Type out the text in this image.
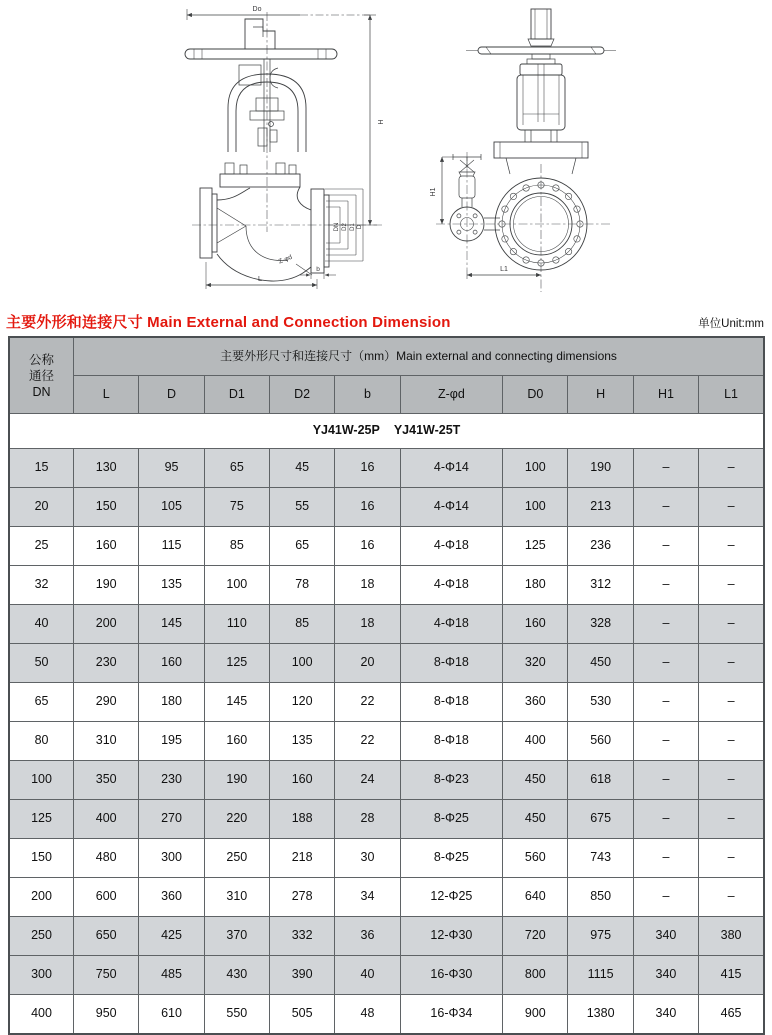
Do
H
L
b
Z-φd
DN D2 D1 D
H1
L1
主要外形和连接尺寸 Main External and Connection Dimension	单位Unit:mm
公称
通径
DN	主要外形尺寸和连接尺寸（mm）Main external and connecting dimensions									
	L	D	D1	D2	b	Z-φd	D0	H	H1	L1

YJ41W-25P YJ41W-25T										

15	130	95	65	45	16	4-Φ14	100	190	–	–
20	150	105	75	55	16	4-Φ14	100	213	–	–
25	160	115	85	65	16	4-Φ18	125	236	–	–
32	190	135	100	78	18	4-Φ18	180	312	–	–
40	200	145	110	85	18	4-Φ18	160	328	–	–
50	230	160	125	100	20	8-Φ18	320	450	–	–
65	290	180	145	120	22	8-Φ18	360	530	–	–
80	310	195	160	135	22	8-Φ18	400	560	–	–
100	350	230	190	160	24	8-Φ23	450	618	–	–
125	400	270	220	188	28	8-Φ25	450	675	–	–
150	480	300	250	218	30	8-Φ25	560	743	–	–
200	600	360	310	278	34	12-Φ25	640	850	–	–
250	650	425	370	332	36	12-Φ30	720	975	340	380
300	750	485	430	390	40	16-Φ30	800	1115	340	415
400	950	610	550	505	48	16-Φ34	900	1380	340	465
